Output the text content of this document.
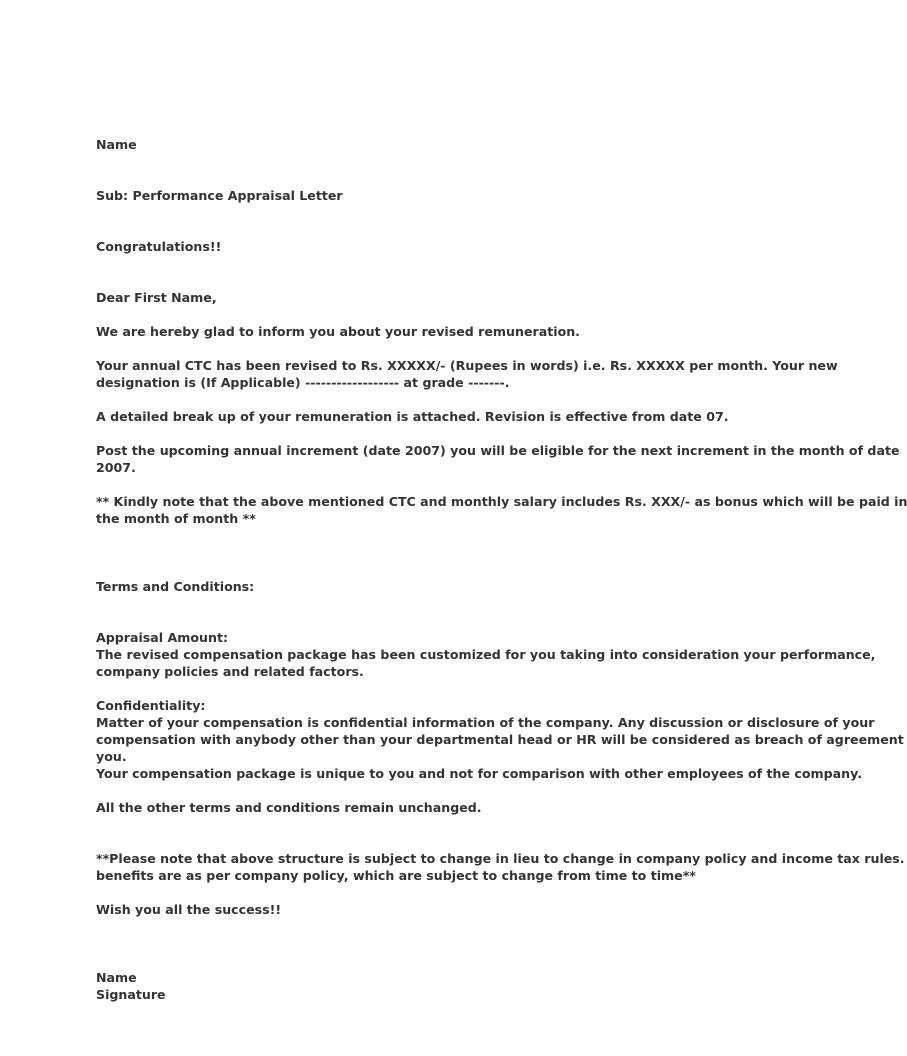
Name

Sub: Performance Appraisal Letter

Congratulations!!

Dear First Name,

We are hereby glad to inform you about your revised remuneration.

Your annual CTC has been revised to Rs. XXXXX/- (Rupees in words) i.e. Rs. XXXXX per month. Your new

designation is (If Applicable) ------------------ at grade -------.

A detailed break up of your remuneration is attached. Revision is effective from date 07.

Post the upcoming annual increment (date 2007) you will be eligible for the next increment in the month of date

2007.

** Kindly note that the above mentioned CTC and monthly salary includes Rs. XXX/- as bonus which will be paid in

the month of month **

Terms and Conditions:

Appraisal Amount:

The revised compensation package has been customized for you taking into consideration your performance,

company policies and related factors.

Confidentiality:

Matter of your compensation is confidential information of the company. Any discussion or disclosure of your

compensation with anybody other than your departmental head or HR will be considered as breach of agreement

you.

Your compensation package is unique to you and not for comparison with other employees of the company.

All the other terms and conditions remain unchanged.

**Please note that above structure is subject to change in lieu to change in company policy and income tax rules.

benefits are as per company policy, which are subject to change from time to time**

Wish you all the success!!

Name

Signature
